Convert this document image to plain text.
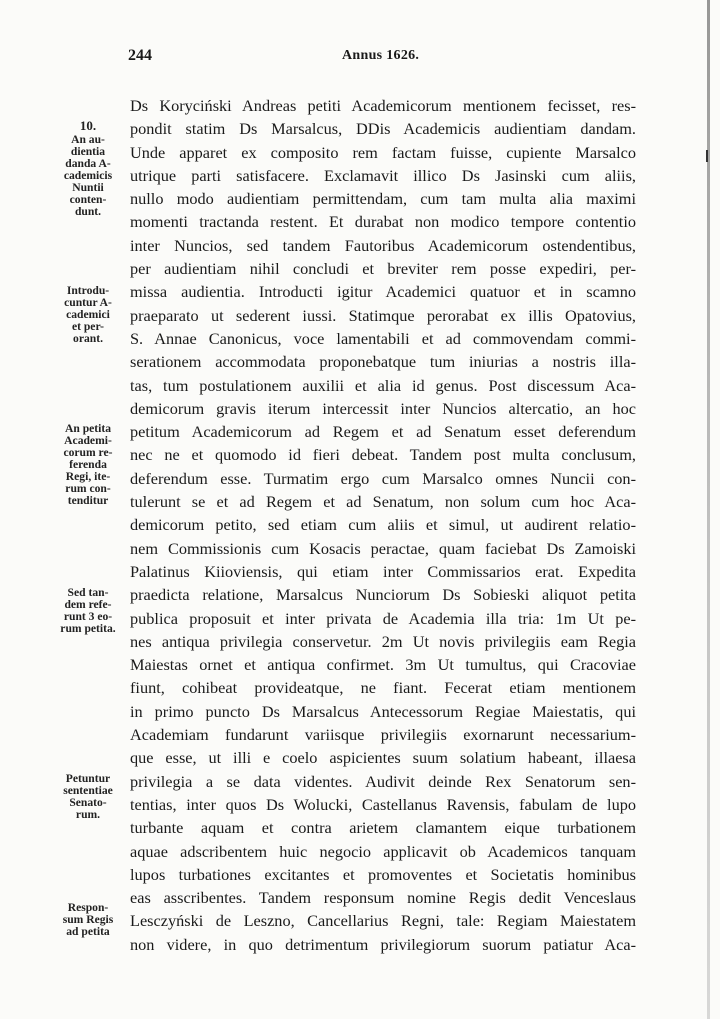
244	Annus 1626.
10.
An au-
dientia
danda A-
cademicis
Nuntii
conten-
dunt.
Introdu-
cuntur A-
cademici
et per-
orant.
An petita
Academi-
corum re-
ferenda
Regi, ite-
rum con-
tenditur
Sed tan-
dem refe-
runt 3 eo-
rum petita.
Petuntur
sententiae
Senato-
rum.
Respon-
sum Regis
ad petita
Ds Koryciński Andreas petiti Academicorum mentionem fecisset, res-
pondit statim Ds Marsalcus, DDis Academicis audientiam dandam.
Unde apparet ex composito rem factam fuisse, cupiente Marsalco
utrique parti satisfacere. Exclamavit illico Ds Jasinski cum aliis,
nullo modo audientiam permittendam, cum tam multa alia maximi
momenti tractanda restent. Et durabat non modico tempore contentio
inter Nuncios, sed tandem Fautoribus Academicorum ostendentibus,
per audientiam nihil concludi et breviter rem posse expediri, per-
missa audientia. Introducti igitur Academici quatuor et in scamno
praeparato ut sederent iussi. Statimque perorabat ex illis Opatovius,
S. Annae Canonicus, voce lamentabili et ad commovendam commi-
serationem accommodata proponebatque tum iniurias a nostris illa-
tas, tum postulationem auxilii et alia id genus. Post discessum Aca-
demicorum gravis iterum intercessit inter Nuncios altercatio, an hoc
petitum Academicorum ad Regem et ad Senatum esset deferendum
nec ne et quomodo id fieri debeat. Tandem post multa conclusum,
deferendum esse. Turmatim ergo cum Marsalco omnes Nuncii con-
tulerunt se et ad Regem et ad Senatum, non solum cum hoc Aca-
demicorum petito, sed etiam cum aliis et simul, ut audirent relatio-
nem Commissionis cum Kosacis peractae, quam faciebat Ds Zamoiski
Palatinus Kiioviensis, qui etiam inter Commissarios erat. Expedita
praedicta relatione, Marsalcus Nunciorum Ds Sobieski aliquot petita
publica proposuit et inter privata de Academia illa tria: 1m Ut pe-
nes antiqua privilegia conservetur. 2m Ut novis privilegiis eam Regia
Maiestas ornet et antiqua confirmet. 3m Ut tumultus, qui Cracoviae
fiunt, cohibeat provideatque, ne fiant. Fecerat etiam mentionem
in primo puncto Ds Marsalcus Antecessorum Regiae Maiestatis, qui
Academiam fundarunt variisque privilegiis exornarunt necessarium-
que esse, ut illi e coelo aspicientes suum solatium habeant, illaesa
privilegia a se data videntes. Audivit deinde Rex Senatorum sen-
tentias, inter quos Ds Wolucki, Castellanus Ravensis, fabulam de lupo
turbante aquam et contra arietem clamantem eique turbationem
aquae adscribentem huic negocio applicavit ob Academicos tanquam
lupos turbationes excitantes et promoventes et Societatis hominibus
eas asscribentes. Tandem responsum nomine Regis dedit Venceslaus
Lesczyński de Leszno, Cancellarius Regni, tale: Regiam Maiestatem
non videre, in quo detrimentum privilegiorum suorum patiatur Aca-
